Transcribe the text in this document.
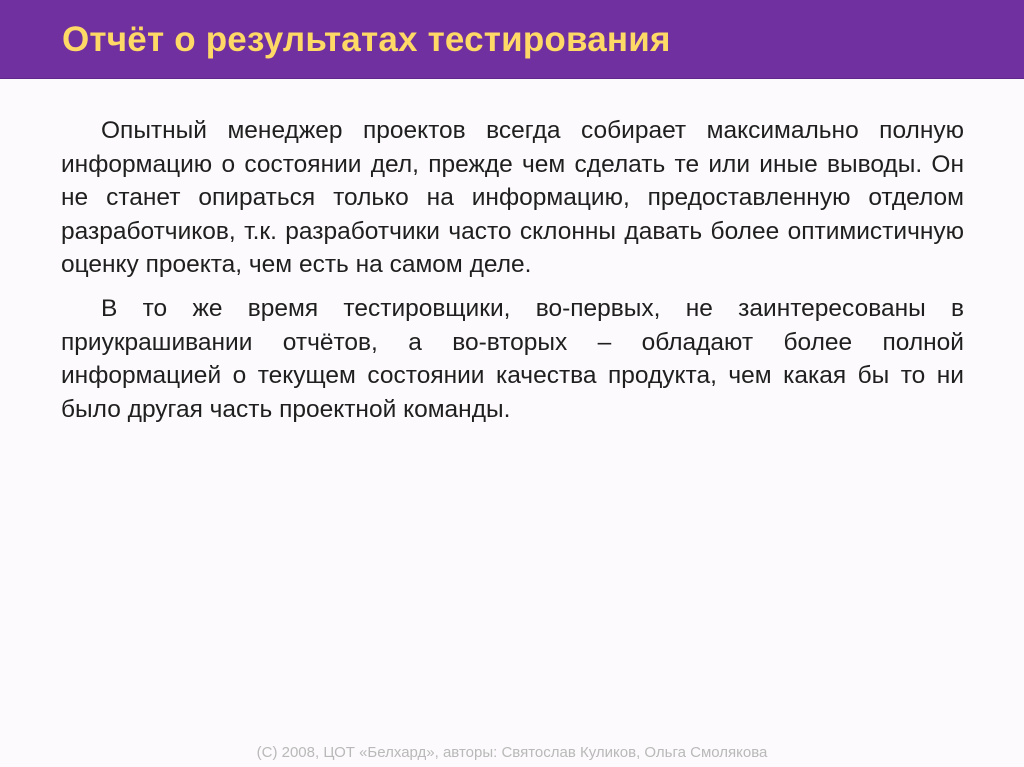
Отчёт о результатах тестирования

Опытный менеджер проектов всегда собирает максимально полную информацию о состоянии дел, прежде чем сделать те или иные выводы. Он не станет опираться только на информацию, предоставленную отделом разработчиков, т.к. разработчики часто склонны давать более оптимистичную оценку проекта, чем есть на самом деле.

В то же время тестировщики, во-первых, не заинтересованы в приукрашивании отчётов, а во-вторых – обладают более полной информацией о текущем состоянии качества продукта, чем какая бы то ни было другая часть проектной команды.

(С) 2008, ЦОТ «Белхард», авторы: Святослав Куликов, Ольга Смолякова
